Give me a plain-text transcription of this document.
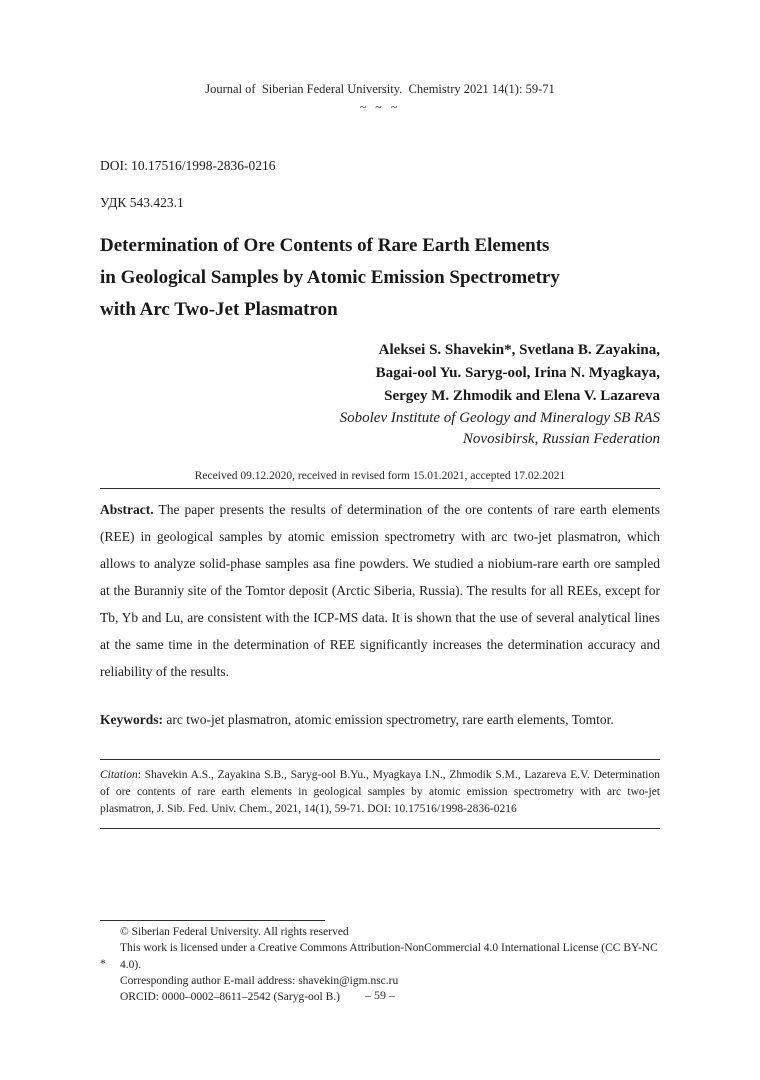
Journal of  Siberian Federal University.  Chemistry 2021 14(1): 59-71
~ ~ ~
DOI: 10.17516/1998-2836-0216
УДК 543.423.1
Determination of Ore Contents of Rare Earth Elements
in Geological Samples by Atomic Emission Spectrometry
with Arc Two-Jet Plasmatron
Aleksei S. Shavekin*, Svetlana B. Zayakina,
Bagai-ool Yu. Saryg-ool, Irina N. Myagkaya,
Sergey M. Zhmodik and Elena V. Lazareva
Sobolev Institute of Geology and Mineralogy SB RAS
Novosibirsk, Russian Federation
Received 09.12.2020, received in revised form 15.01.2021, accepted 17.02.2021
Abstract. The paper presents the results of determination of the ore contents of rare earth elements (REE) in geological samples by atomic emission spectrometry with arc two-jet plasmatron, which allows to analyze solid-phase samples asa fine powders. We studied a niobium-rare earth ore sampled at the Buranniy site of the Tomtor deposit (Arctic Siberia, Russia). The results for all REEs, except for Tb, Yb and Lu, are consistent with the ICP-MS data. It is shown that the use of several analytical lines at the same time in the determination of REE significantly increases the determination accuracy and reliability of the results.
Keywords: arc two-jet plasmatron, atomic emission spectrometry, rare earth elements, Tomtor.
Citation: Shavekin A.S., Zayakina S.B., Saryg-ool B.Yu., Myagkaya I.N., Zhmodik S.M., Lazareva E.V. Determination of ore contents of rare earth elements in geological samples by atomic emission spectrometry with arc two-jet plasmatron, J. Sib. Fed. Univ. Chem., 2021, 14(1), 59-71. DOI: 10.17516/1998-2836-0216
*
© Siberian Federal University. All rights reserved
This work is licensed under a Creative Commons Attribution-NonCommercial 4.0 International License (CC BY-NC 4.0).
Corresponding author E-mail address: shavekin@igm.nsc.ru
ORCID: 0000–0002–8611–2542 (Saryg-ool B.)	– 59 –
